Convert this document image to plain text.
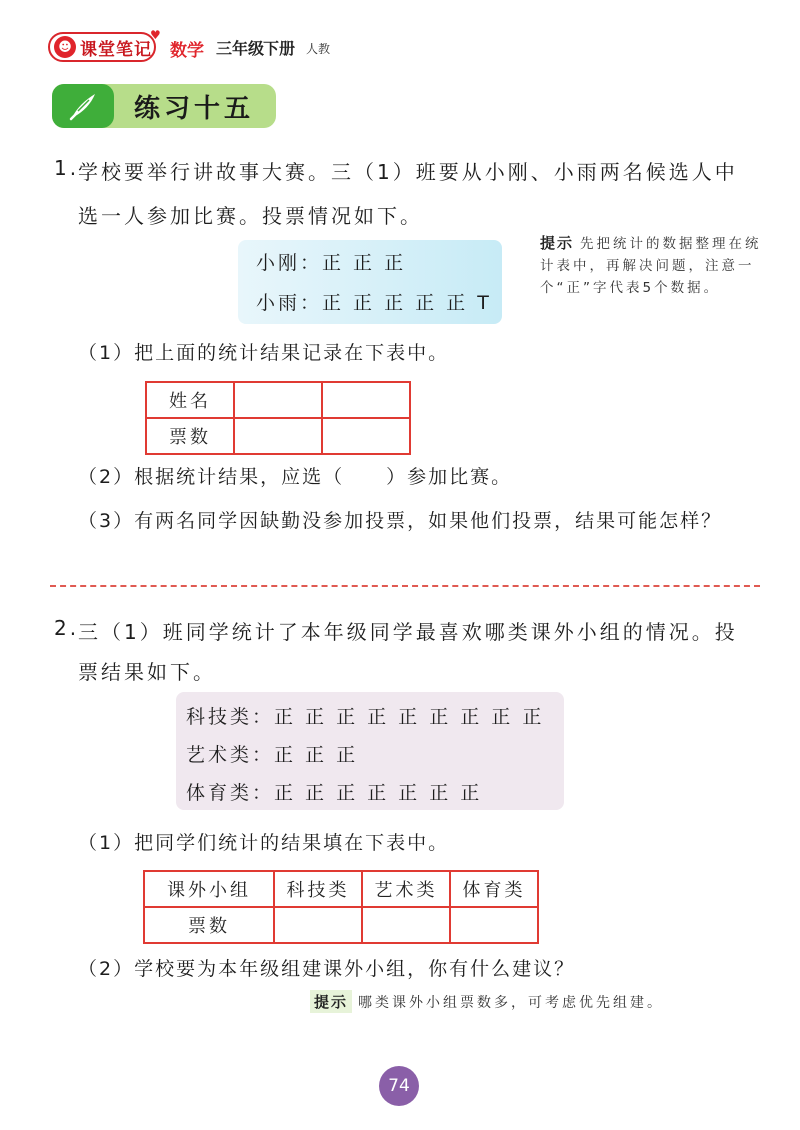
☻ 课堂笔记
♥
数学 三年级
下册 人教
练习十五
1.
学校要举行讲故事大赛。三（1）班要从小刚、小雨两名候选人中
选一人参加比赛。投票情况如下。
小刚：正 正 正
小雨：正 正 正 正 正 T
提示 先把统计的数据整理在统计表中，再解决问题，注意一个“正”字代表5个数据。
（1）把上面的统计结果记录在下表中。
姓名		
票数		
（2）根据统计结果，应选（　　）参加比赛。
（3）有两名同学因缺勤没参加投票，如果他们投票，结果可能怎样？
2.
三（1）班同学统计了本年级同学最喜欢哪类课外小组的情况。投
票结果如下。
科技类：正 正 正 正 正 正 正 正 正
艺术类：正 正 正
体育类：正 正 正 正 正 正 正
（1）把同学们统计的结果填在下表中。
课外小组	科技类	艺术类	体育类
票数			
（2）学校要为本年级组建课外小组，你有什么建议？
提示 哪类课外小组票数多，可考虑优先组建。
74
